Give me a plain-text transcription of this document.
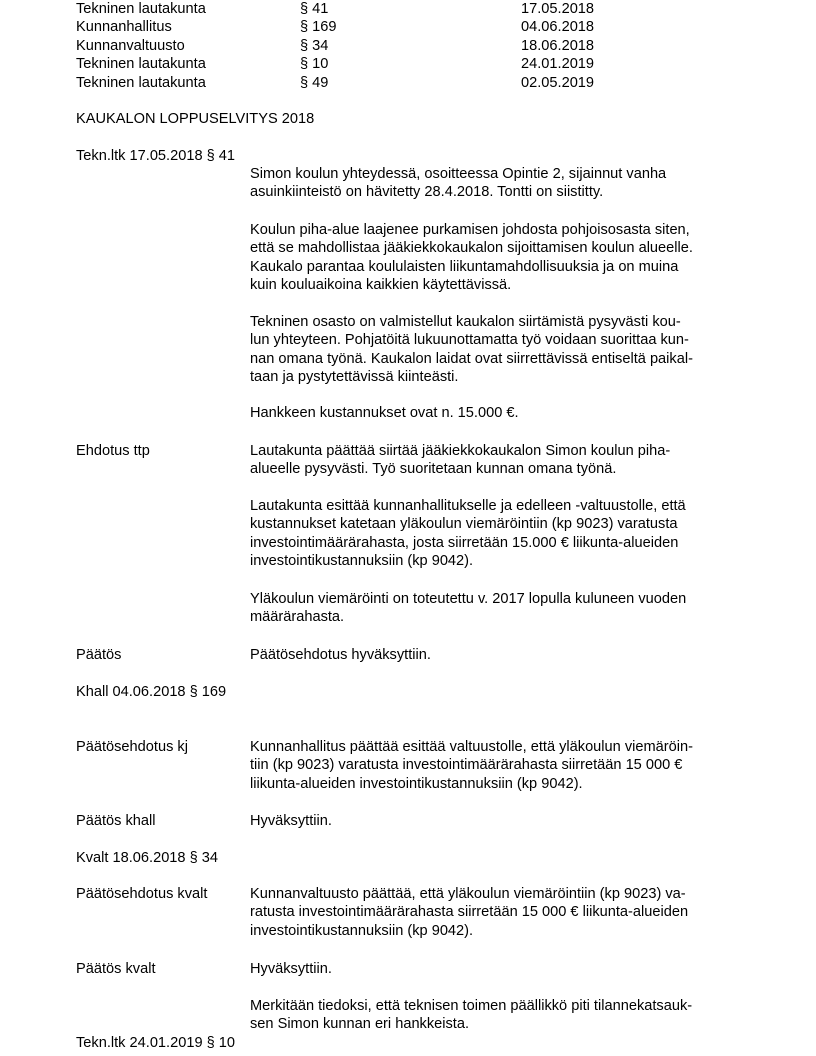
Tekninen lautakunta	§ 41	17.05.2018
Kunnanhallitus	§ 169	04.06.2018
Kunnanvaltuusto	§ 34	18.06.2018
Tekninen lautakunta	§ 10	24.01.2019
Tekninen lautakunta	§ 49	02.05.2019
KAUKALON LOPPUSELVITYS 2018
Tekn.ltk 17.05.2018 § 41
Simon koulun yhteydessä, osoitteessa Opintie 2, sijainnut vanha
asuinkiinteistö on hävitetty 28.4.2018. Tontti on siistitty.
Koulun piha-alue laajenee purkamisen johdosta pohjoisosasta siten,
että se mahdollistaa jääkiekkokaukalon sijoittamisen koulun alueelle.
Kaukalo parantaa koululaisten liikuntamahdollisuuksia ja on muina
kuin kouluaikoina kaikkien käytettävissä.
Tekninen osasto on valmistellut kaukalon siirtämistä pysyvästi kou-
lun yhteyteen. Pohjatöitä lukuunottamatta työ voidaan suorittaa kun-
nan omana työnä. Kaukalon laidat ovat siirrettävissä entiseltä paikal-
taan ja pystytettävissä kiinteästi.
Hankkeen kustannukset ovat n. 15.000 €.
Ehdotus ttp	Lautakunta päättää siirtää jääkiekkokaukalon Simon koulun piha-
alueelle pysyvästi. Työ suoritetaan kunnan omana työnä.
Lautakunta esittää kunnanhallitukselle ja edelleen -valtuustolle, että
kustannukset katetaan yläkoulun viemäröintiin (kp 9023) varatusta
investointimäärärahasta, josta siirretään 15.000 € liikunta-alueiden
investointikustannuksiin (kp 9042).
Yläkoulun viemäröinti on toteutettu v. 2017 lopulla kuluneen vuoden
määrärahasta.
Päätös	Päätösehdotus hyväksyttiin.
Khall 04.06.2018 § 169
Päätösehdotus kj	Kunnanhallitus päättää esittää valtuustolle, että yläkoulun viemäröin-
tiin (kp 9023) varatusta investointimäärärahasta siirretään 15 000 €
liikunta-alueiden investointikustannuksiin (kp 9042).
Päätös khall	Hyväksyttiin.
Kvalt 18.06.2018 § 34
Päätösehdotus kvalt	Kunnanvaltuusto päättää, että yläkoulun viemäröintiin (kp 9023) va-
ratusta investointimäärärahasta siirretään 15 000 € liikunta-alueiden
investointikustannuksiin (kp 9042).
Päätös kvalt	Hyväksyttiin.
Merkitään tiedoksi, että teknisen toimen päällikkö piti tilannekatsauk-
sen Simon kunnan eri hankkeista.
Tekn.ltk 24.01.2019 § 10
